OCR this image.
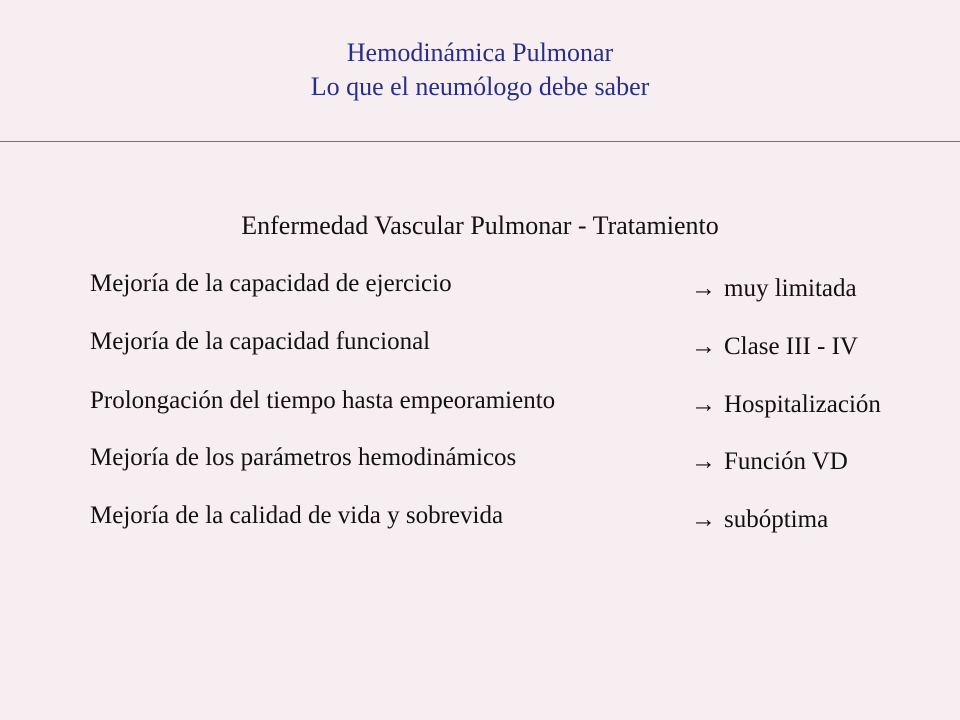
Hemodinámica Pulmonar
Lo que el neumólogo debe saber
Enfermedad Vascular Pulmonar - Tratamiento
Mejoría de la capacidad de ejercicio	→ muy limitada
Mejoría de la capacidad funcional	→ Clase III - IV
Prolongación del tiempo hasta empeoramiento	→ Hospitalización
Mejoría de los parámetros hemodinámicos	→ Función VD
Mejoría de la calidad de vida y sobrevida	→ subóptima
